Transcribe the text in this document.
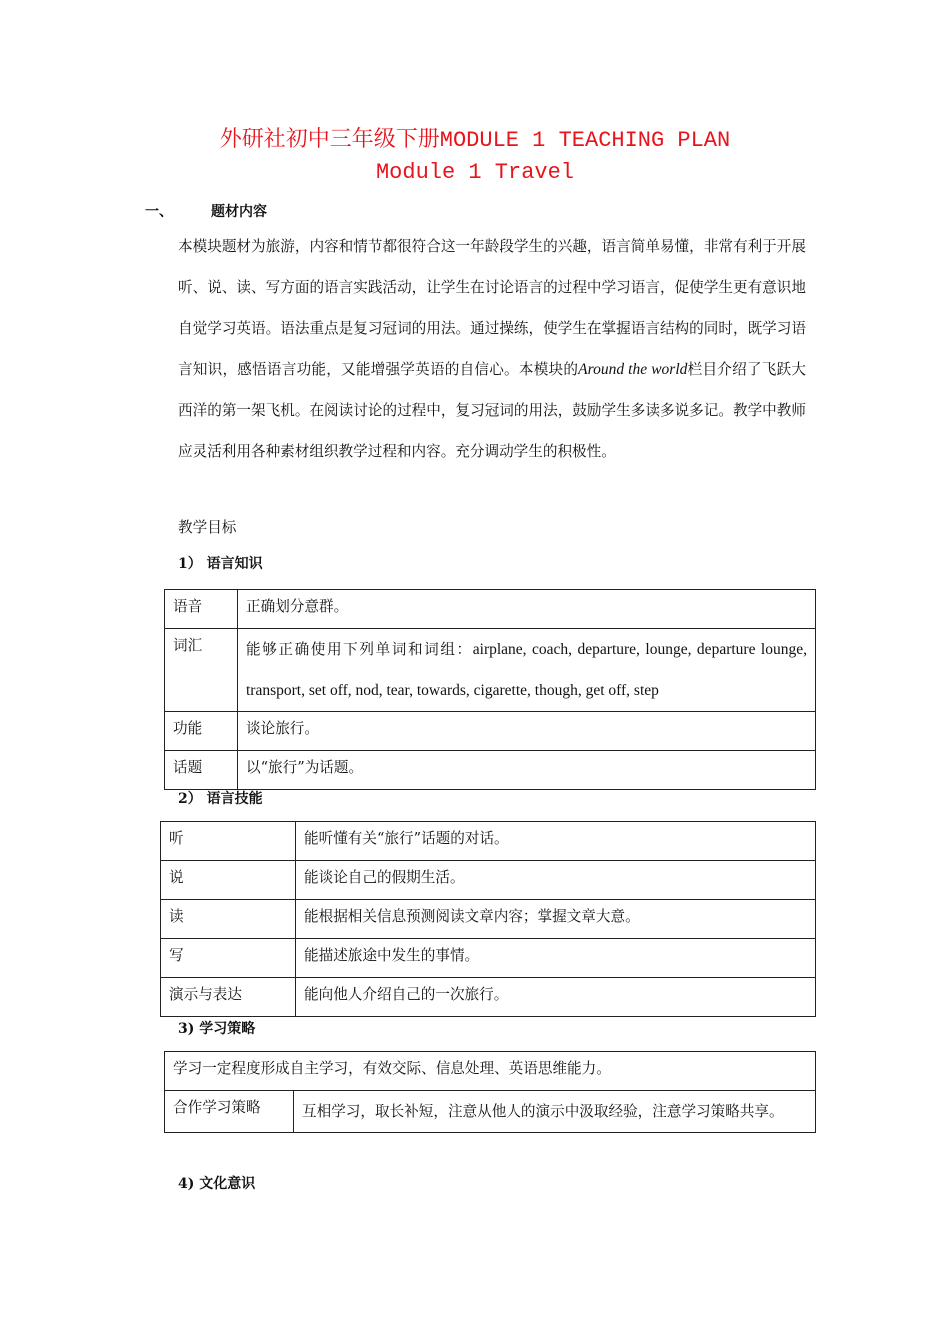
外研社初中三年级下册MODULE 1 TEACHING PLAN
Module 1 Travel
一、	题材内容
本模块题材为旅游，内容和情节都很符合这一年龄段学生的兴趣，语言简单易懂，非常有利于开展听、说、读、写方面的语言实践活动，让学生在讨论语言的过程中学习语言，促使学生更有意识地自觉学习英语。语法重点是复习冠词的用法。通过操练，使学生在掌握语言结构的同时，既学习语言知识，感悟语言功能，又能增强学英语的自信心。本模块的Around the world栏目介绍了飞跃大西洋的第一架飞机。在阅读讨论的过程中，复习冠词的用法，鼓励学生多读多说多记。教学中教师应灵活利用各种素材组织教学过程和内容。充分调动学生的积极性。
教学目标
1） 语言知识
语音	正确划分意群。
词汇	能够正确使用下列单词和词组：airplane, coach, departure, lounge, departure lounge, transport, set off, nod, tear, towards, cigarette, though, get off, step
功能	谈论旅行。
话题	以“旅行”为话题。
2） 语言技能
听	能听懂有关“旅行”话题的对话。
说	能谈论自己的假期生活。
读	能根据相关信息预测阅读文章内容；掌握文章大意。
写	能描述旅途中发生的事情。
演示与表达	能向他人介绍自己的一次旅行。
3) 学习策略
学习一定程度形成自主学习，有效交际、信息处理、英语思维能力。
合作学习策略	互相学习，取长补短，注意从他人的演示中汲取经验，注意学习策略共享。
4) 文化意识
